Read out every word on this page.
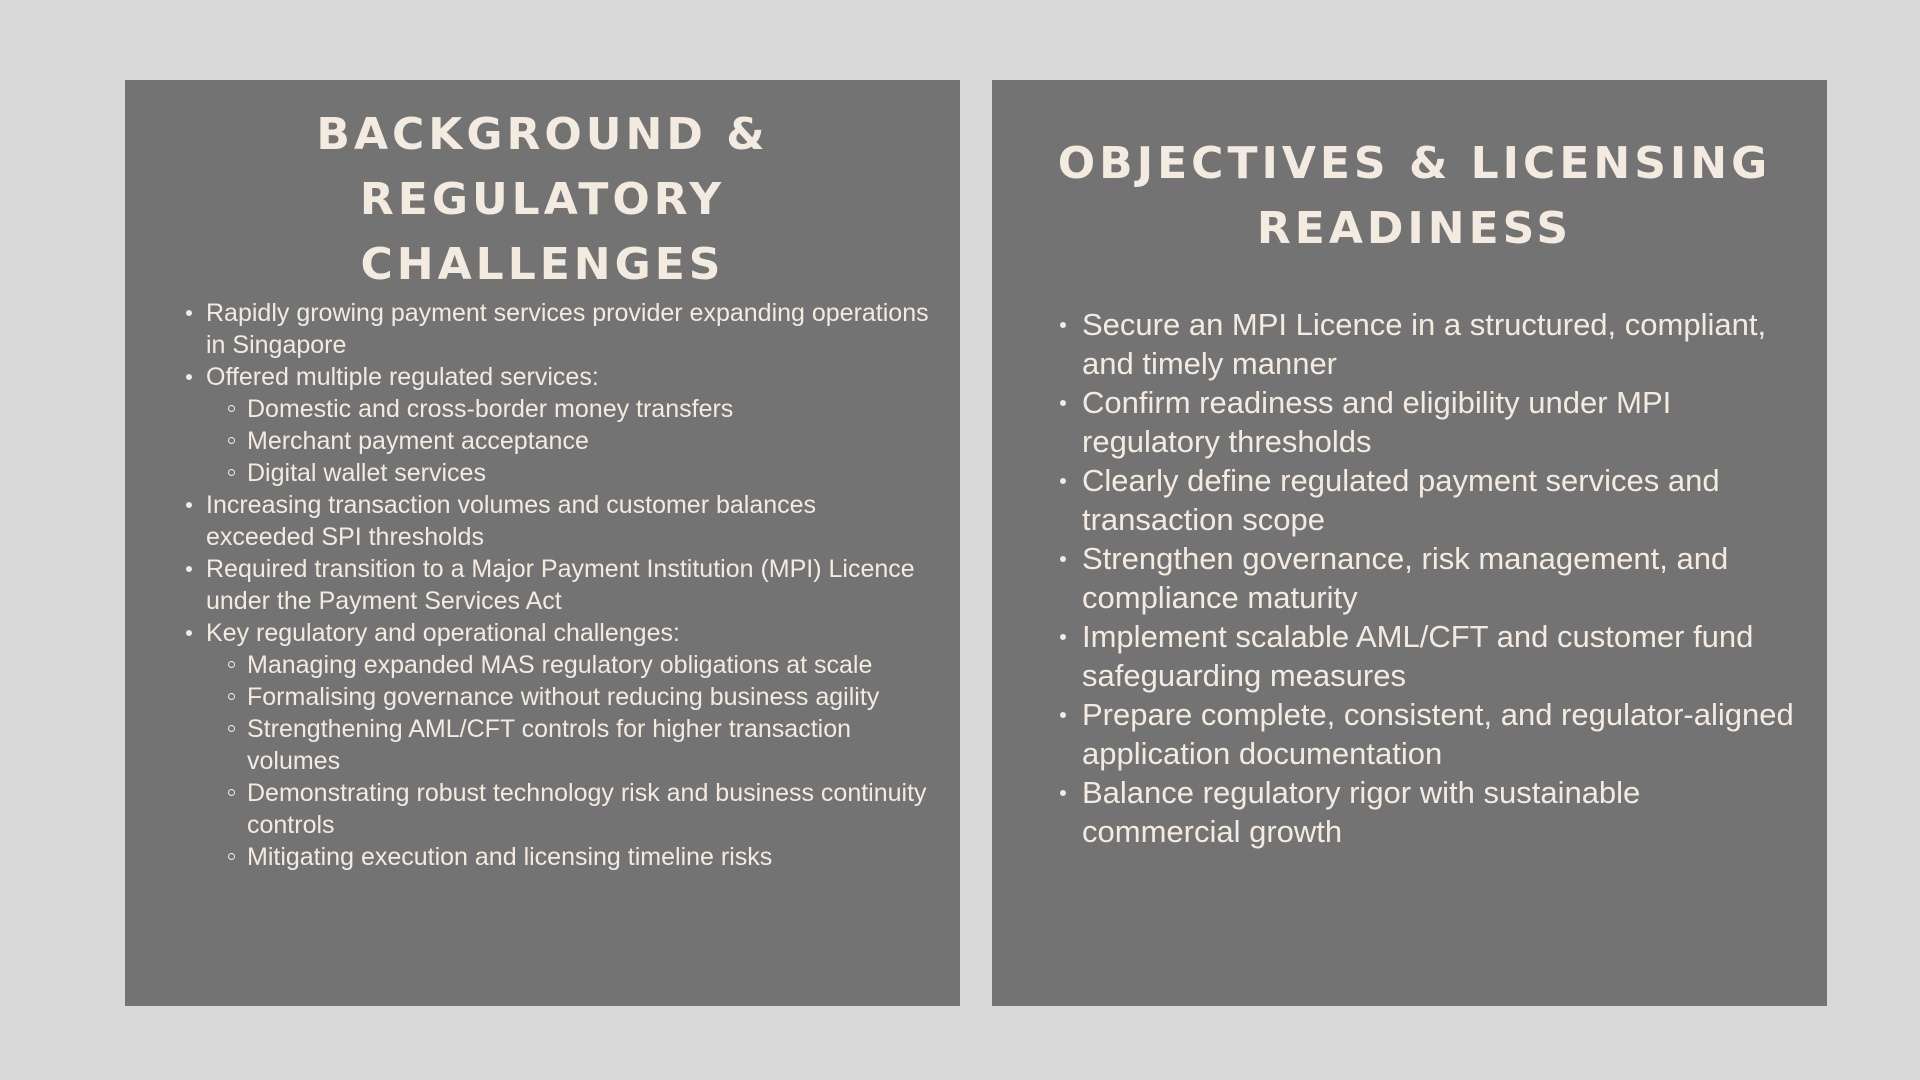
BACKGROUND &
REGULATORY
CHALLENGES
Rapidly growing payment services provider expanding operations in Singapore
Offered multiple regulated services:
Domestic and cross-border money transfers
Merchant payment acceptance
Digital wallet services
Increasing transaction volumes and customer balances exceeded SPI thresholds
Required transition to a Major Payment Institution (MPI) Licence under the Payment Services Act
Key regulatory and operational challenges:
Managing expanded MAS regulatory obligations at scale
Formalising governance without reducing business agility
Strengthening AML/CFT controls for higher transaction volumes
Demonstrating robust technology risk and business continuity controls
Mitigating execution and licensing timeline risks
OBJECTIVES & LICENSING
READINESS
Secure an MPI Licence in a structured, compliant, and timely manner
Confirm readiness and eligibility under MPI regulatory thresholds
Clearly define regulated payment services and transaction scope
Strengthen governance, risk management, and compliance maturity
Implement scalable AML/CFT and customer fund safeguarding measures
Prepare complete, consistent, and regulator-aligned application documentation
Balance regulatory rigor with sustainable commercial growth
